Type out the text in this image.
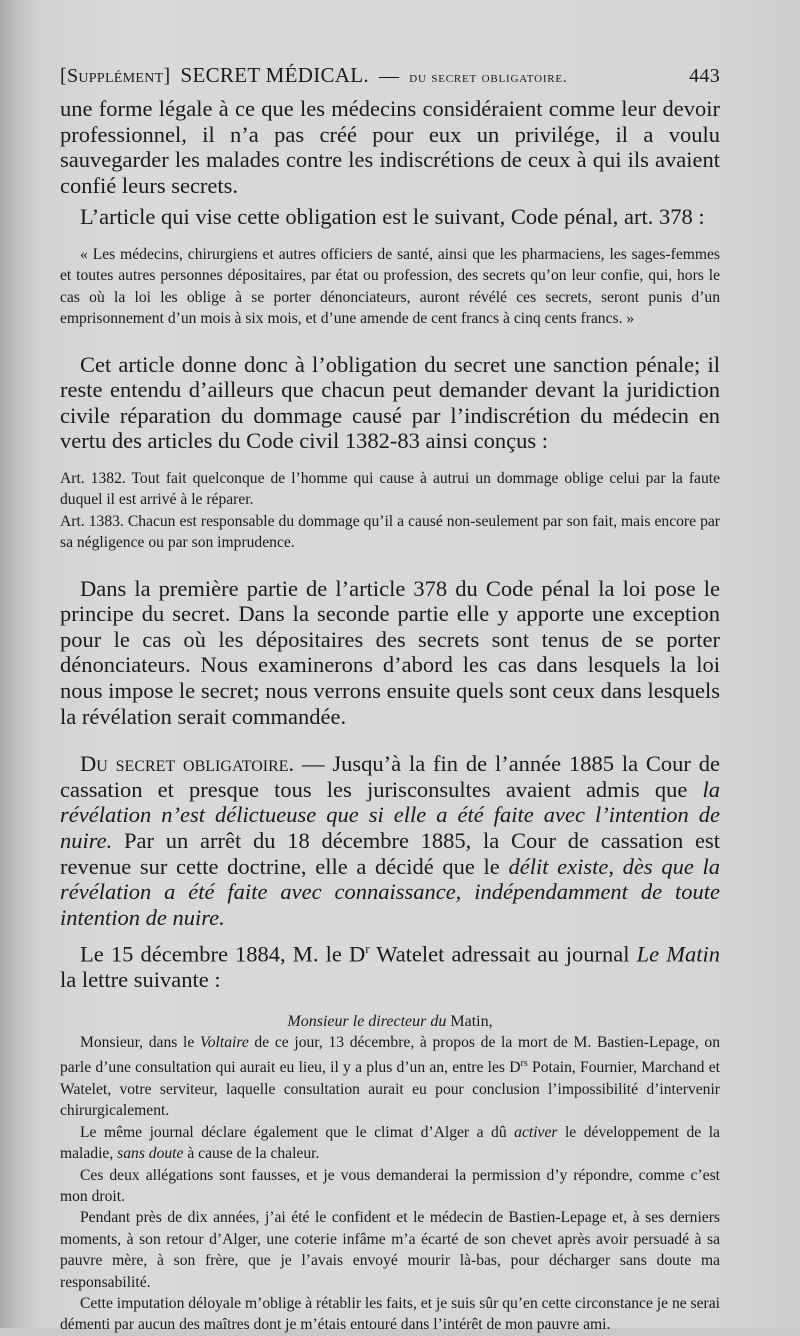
[Supplément] SECRET MÉDICAL. — du secret obligatoire.	443

une forme légale à ce que les médecins considéraient comme leur devoir professionnel, il n’a pas créé pour eux un privilége, il a voulu sauvegarder les malades contre les indiscrétions de ceux à qui ils avaient confié leurs secrets.

L’article qui vise cette obligation est le suivant, Code pénal, art. 378 :

« Les médecins, chirurgiens et autres officiers de santé, ainsi que les pharmaciens, les sages-femmes et toutes autres personnes dépositaires, par état ou profession, des secrets qu’on leur confie, qui, hors le cas où la loi les oblige à se porter dénonciateurs, auront révélé ces secrets, seront punis d’un emprisonnement d’un mois à six mois, et d’une amende de cent francs à cinq cents francs. »

Cet article donne donc à l’obligation du secret une sanction pénale; il reste entendu d’ailleurs que chacun peut demander devant la juridiction civile réparation du dommage causé par l’indiscrétion du médecin en vertu des articles du Code civil 1382-83 ainsi conçus :

Art. 1382. Tout fait quelconque de l’homme qui cause à autrui un dommage oblige celui par la faute duquel il est arrivé à le réparer.

Art. 1383. Chacun est responsable du dommage qu’il a causé non-seulement par son fait, mais encore par sa négligence ou par son imprudence.

Dans la première partie de l’article 378 du Code pénal la loi pose le principe du secret. Dans la seconde partie elle y apporte une exception pour le cas où les dépositaires des secrets sont tenus de se porter dénonciateurs. Nous examinerons d’abord les cas dans lesquels la loi nous impose le secret; nous verrons ensuite quels sont ceux dans lesquels la révélation serait commandée.

Du secret obligatoire. — Jusqu’à la fin de l’année 1885 la Cour de cassation et presque tous les jurisconsultes avaient admis que la révélation n’est délictueuse que si elle a été faite avec l’intention de nuire. Par un arrêt du 18 décembre 1885, la Cour de cassation est revenue sur cette doctrine, elle a décidé que le délit existe, dès que la révélation a été faite avec connaissance, indépendamment de toute intention de nuire.

Le 15 décembre 1884, M. le $D^r$ Watelet adressait au journal Le Matin la lettre suivante :

Monsieur le directeur du Matin,

Monsieur, dans le Voltaire de ce jour, 13 décembre, à propos de la mort de M. Bastien-Lepage, on parle d’une consultation qui aurait eu lieu, il y a plus d’un an, entre les $D^{rs}$ Potain, Fournier, Marchand et Watelet, votre serviteur, laquelle consultation aurait eu pour conclusion l’impossibilité d’intervenir chirurgicalement.

Le même journal déclare également que le climat d’Alger a dû activer le développement de la maladie, sans doute à cause de la chaleur.

Ces deux allégations sont fausses, et je vous demanderai la permission d’y répondre, comme c’est mon droit.

Pendant près de dix années, j’ai été le confident et le médecin de Bastien-Lepage et, à ses derniers moments, à son retour d’Alger, une coterie infâme m’a écarté de son chevet après avoir persuadé à sa pauvre mère, à son frère, que je l’avais envoyé mourir là-bas, pour décharger sans doute ma responsabilité.

Cette imputation déloyale m’oblige à rétablir les faits, et je suis sûr qu’en cette circonstance je ne serai démenti par aucun des maîtres dont je m’étais entouré dans l’intérêt de mon pauvre ami.
